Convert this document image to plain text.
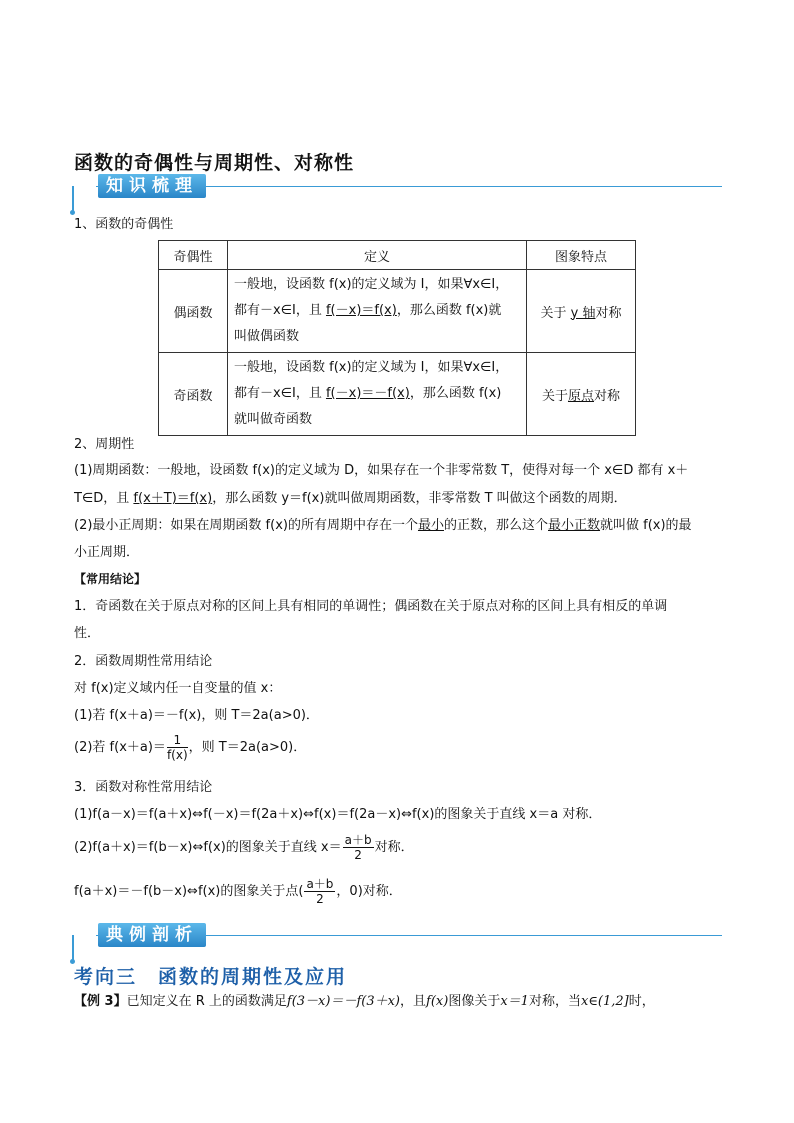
函数的奇偶性与周期性、对称性
知识梳理
1、函数的奇偶性
奇偶性	定义	图象特点
偶函数	一般地，设函数 f(x)的定义域为 I，如果∀x∈I，
都有－x∈I，且 f(－x)＝f(x)，那么函数 f(x)就
叫做偶函数	关于 y 轴对称
奇函数	一般地，设函数 f(x)的定义域为 I，如果∀x∈I，
都有－x∈I，且 f(－x)＝－f(x)，那么函数 f(x)
就叫做奇函数	关于原点对称
2、周期性
(1)周期函数：一般地，设函数 f(x)的定义域为 D，如果存在一个非零常数 T，使得对每一个 x∈D 都有 x＋
T∈D，且 f(x＋T)＝f(x)，那么函数 y＝f(x)就叫做周期函数，非零常数 T 叫做这个函数的周期．
(2)最小正周期：如果在周期函数 f(x)的所有周期中存在一个最小的正数，那么这个最小正数就叫做 f(x)的最
小正周期．
【常用结论】
1．奇函数在关于原点对称的区间上具有相同的单调性；偶函数在关于原点对称的区间上具有相反的单调
性．
2．函数周期性常用结论
对 f(x)定义域内任一自变量的值 x：
(1)若 f(x＋a)＝－f(x)，则 T＝2a(a>0)．
(2)若 $f(x+a)= \frac{1}{f(x)}$ ，则 T＝2a(a>0)．
3．函数对称性常用结论
(1)f(a－x)＝f(a＋x)⇔f(－x)＝f(2a＋x)⇔f(x)＝f(2a－x)⇔f(x)的图象关于直线 x＝a 对称．
(2)f(a＋x)＝f(b－x)⇔f(x)的图象关于直线 $x= \frac{a+b}{2}$ 对称．
f(a＋x)＝－f(b－x)⇔f(x)的图象关于点( $\frac{a+b}{2}$ ，0)对称．
典例剖析
考向三　函数的周期性及应用
【例 3】已知定义在 R 上的函数满足f(3－x)＝－f(3＋x)，且f(x)图像关于x＝1对称，当x∈(1,2]时，
